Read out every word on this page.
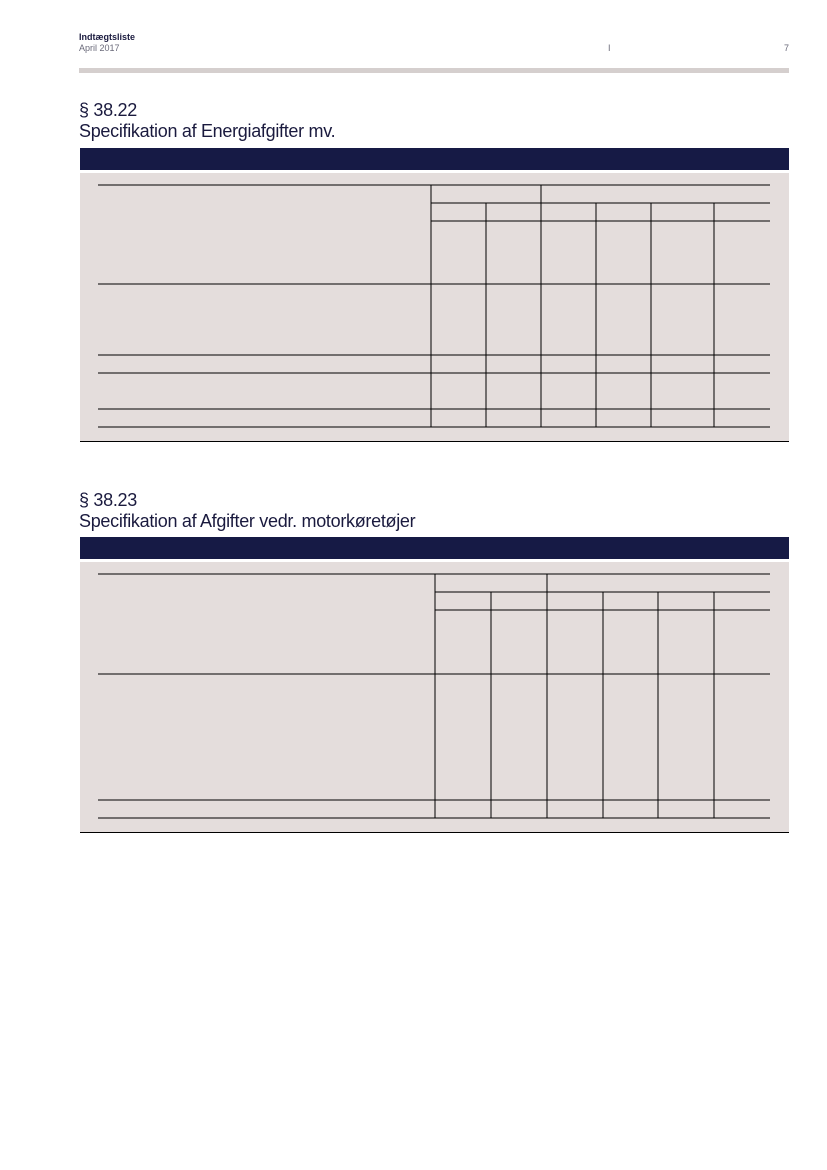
Indtægtsliste
April 2017	I	7
§ 38.22
Specifikation af Energiafgifter mv.
§ 38.23
Specifikation af Afgifter vedr. motorkøretøjer
